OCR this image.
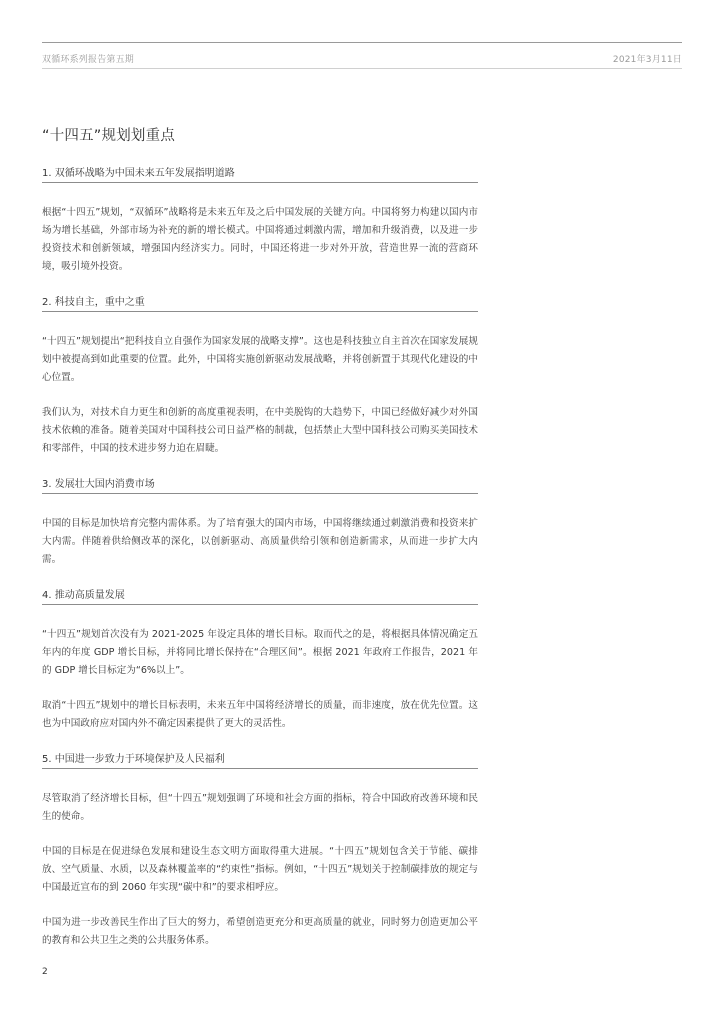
双循环系列报告第五期	2021年3月11日
“十四五”规划划重点
1. 双循环战略为中国未来五年发展指明道路

根据“十四五”规划，“双循环”战略将是未来五年及之后中国发展的关键方向。中国将努力构建以国内市场为增长基础，外部市场为补充的新的增长模式。中国将通过刺激内需，增加和升级消费，以及进一步投资技术和创新领域，增强国内经济实力。同时，中国还将进一步对外开放，营造世界一流的营商环境，吸引境外投资。

2. 科技自主，重中之重

“十四五”规划提出“把科技自立自强作为国家发展的战略支撑”。这也是科技独立自主首次在国家发展规划中被提高到如此重要的位置。此外，中国将实施创新驱动发展战略，并将创新置于其现代化建设的中心位置。

我们认为，对技术自力更生和创新的高度重视表明，在中美脱钩的大趋势下，中国已经做好减少对外国技术依赖的准备。随着美国对中国科技公司日益严格的制裁，包括禁止大型中国科技公司购买美国技术和零部件，中国的技术进步努力迫在眉睫。

3. 发展壮大国内消费市场

中国的目标是加快培育完整内需体系。为了培育强大的国内市场，中国将继续通过刺激消费和投资来扩大内需。伴随着供给侧改革的深化，以创新驱动、高质量供给引领和创造新需求，从而进一步扩大内需。

4. 推动高质量发展

“十四五”规划首次没有为 2021-2025 年设定具体的增长目标。取而代之的是，将根据具体情况确定五年内的年度 GDP 增长目标，并将同比增长保持在“合理区间”。根据 2021 年政府工作报告，2021 年的 GDP 增长目标定为“6%以上”。

取消“十四五”规划中的增长目标表明，未来五年中国将经济增长的质量，而非速度，放在优先位置。这也为中国政府应对国内外不确定因素提供了更大的灵活性。

5. 中国进一步致力于环境保护及人民福利

尽管取消了经济增长目标，但“十四五”规划强调了环境和社会方面的指标，符合中国政府改善环境和民生的使命。

中国的目标是在促进绿色发展和建设生态文明方面取得重大进展。“十四五”规划包含关于节能、碳排放、空气质量、水质，以及森林覆盖率的“约束性”指标。例如，“十四五”规划关于控制碳排放的规定与中国最近宣布的到 2060 年实现“碳中和”的要求相呼应。

中国为进一步改善民生作出了巨大的努力，希望创造更充分和更高质量的就业，同时努力创造更加公平的教育和公共卫生之类的公共服务体系。

2
